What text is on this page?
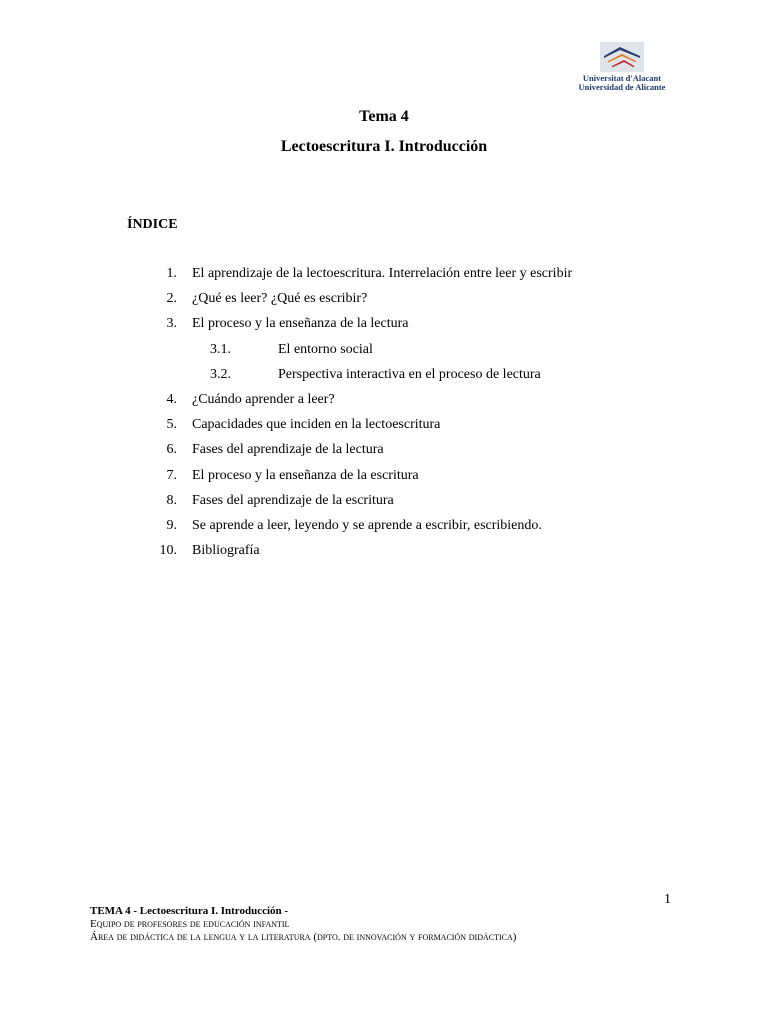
Universitat d'Alacant
Universidad de Alicante
Tema 4
Lectoescritura I. Introducción
ÍNDICE
1. El aprendizaje de la lectoescritura. Interrelación entre leer y escribir
2. ¿Qué es leer? ¿Qué es escribir?
3. El proceso y la enseñanza de la lectura
3.1.	El entorno social
3.2.	Perspectiva interactiva en el proceso de lectura
4. ¿Cuándo aprender a leer?
5. Capacidades que inciden en la lectoescritura
6. Fases del aprendizaje de la lectura
7. El proceso y la enseñanza de la escritura
8. Fases del aprendizaje de la escritura
9. Se aprende a leer, leyendo y se aprende a escribir, escribiendo.
10. Bibliografía
1
TEMA 4 - Lectoescritura I. Introducción -
Equipo de profesores de educación infantil
Área de didáctica de la lengua y la literatura (dpto. de innovación y formación didáctica)
